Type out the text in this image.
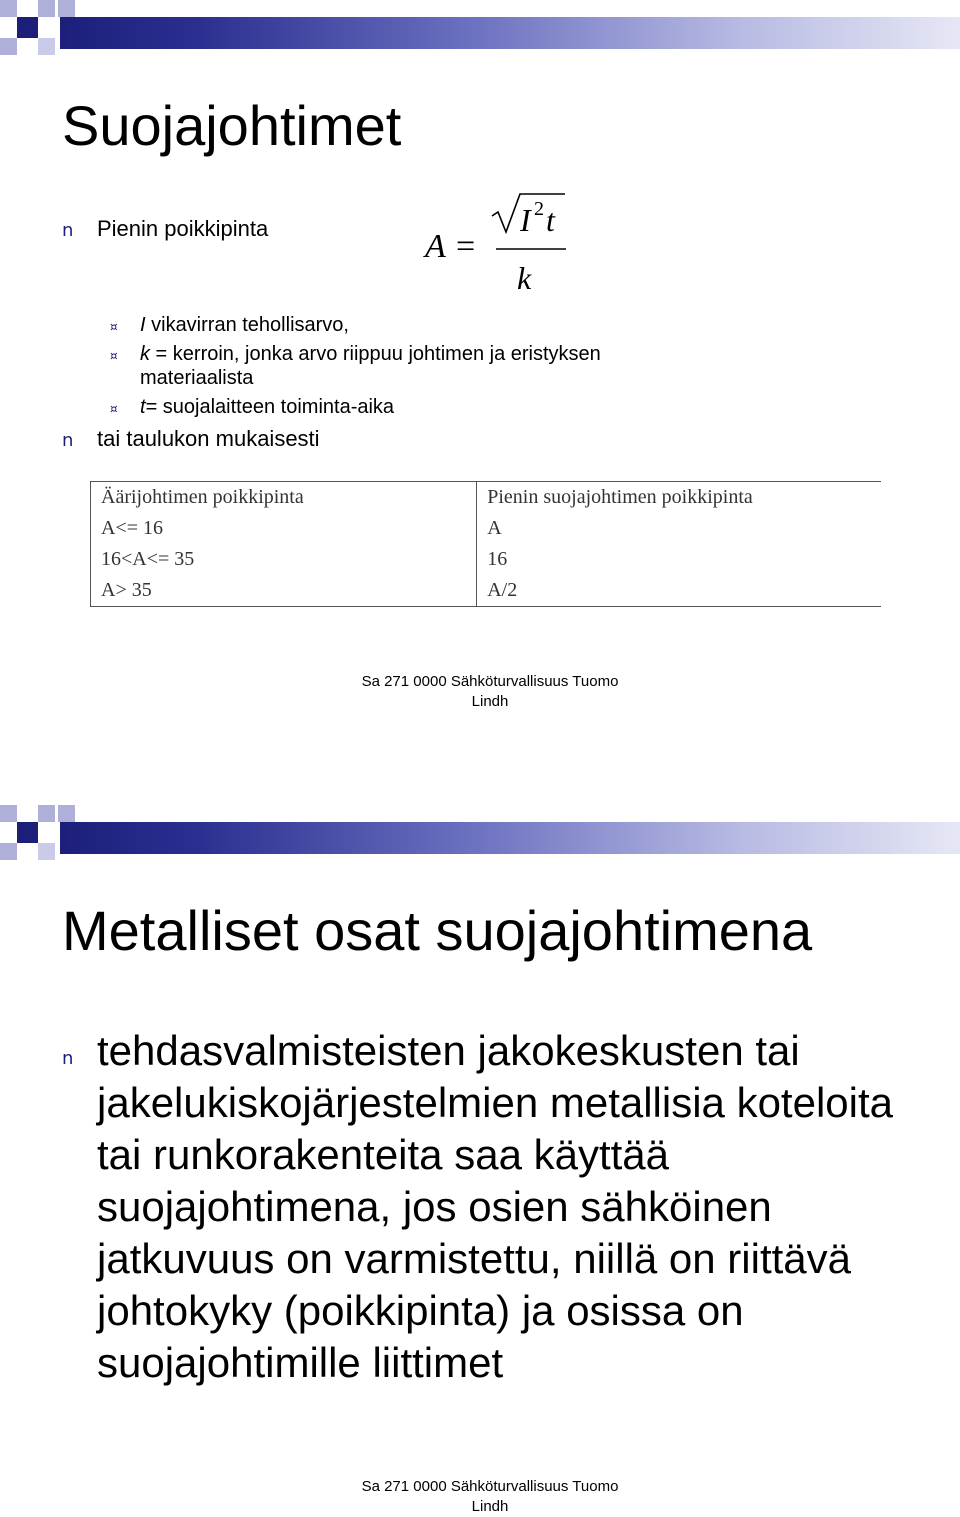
Suojajohtimet
n Pienin poikkipinta	A =
I 2 t
k
¤ I vikavirran tehollisarvo,
¤ k = kerroin, jonka arvo riippuu johtimen ja eristyksen
materiaalista
¤ t= suojalaitteen toiminta-aika
n tai taulukon mukaisesti
Äärijohtimen poikkipinta	Pienin suojajohtimen poikkipinta
A<= 16	A
16<A<= 35	16
A> 35	A/2
Sa 271 0000 Sähköturvallisuus Tuomo
Lindh
Metalliset osat suojajohtimena
n tehdasvalmisteisten jakokeskusten tai
jakelukiskojärjestelmien metallisia koteloita
tai runkorakenteita saa käyttää
suojajohtimena, jos osien sähköinen
jatkuvuus on varmistettu, niillä on riittävä
johtokyky (poikkipinta) ja osissa on
suojajohtimille liittimet
Sa 271 0000 Sähköturvallisuus Tuomo
Lindh
